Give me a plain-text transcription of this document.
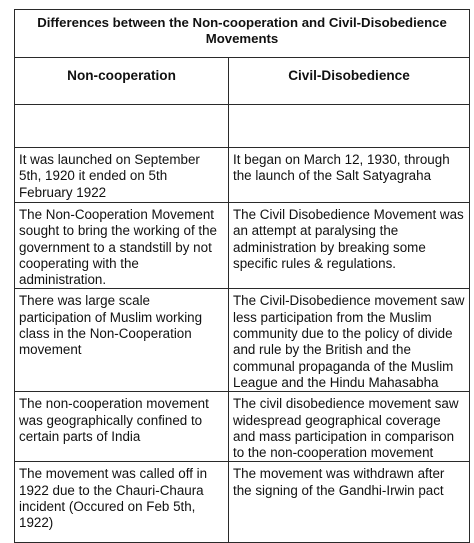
Differences between the Non-cooperation and Civil-Disobedience Movements	

Non-cooperation	Civil-Disobedience

It was launched on September 5th, 1920 it ended on 5th February 1922	It began on March 12, 1930, through the launch of the Salt Satyagraha

The Non-Cooperation Movement sought to bring the working of the government to a standstill by not cooperating with the administration.	The Civil Disobedience Movement was an attempt at paralysing the administration by breaking some specific rules & regulations.

There was large scale participation of Muslim working class in the Non-Cooperation movement	The Civil-Disobedience movement saw less participation from the Muslim community due to the policy of divide and rule by the British and the communal propaganda of the Muslim League and the Hindu Mahasabha

The non-cooperation movement was geographically confined to certain parts of India	The civil disobedience movement saw widespread geographical coverage and mass participation in comparison to the non-cooperation movement

The movement was called off in 1922 due to the Chauri-Chaura incident (Occured on Feb 5th, 1922)	The movement was withdrawn after the signing of the Gandhi-Irwin pact
